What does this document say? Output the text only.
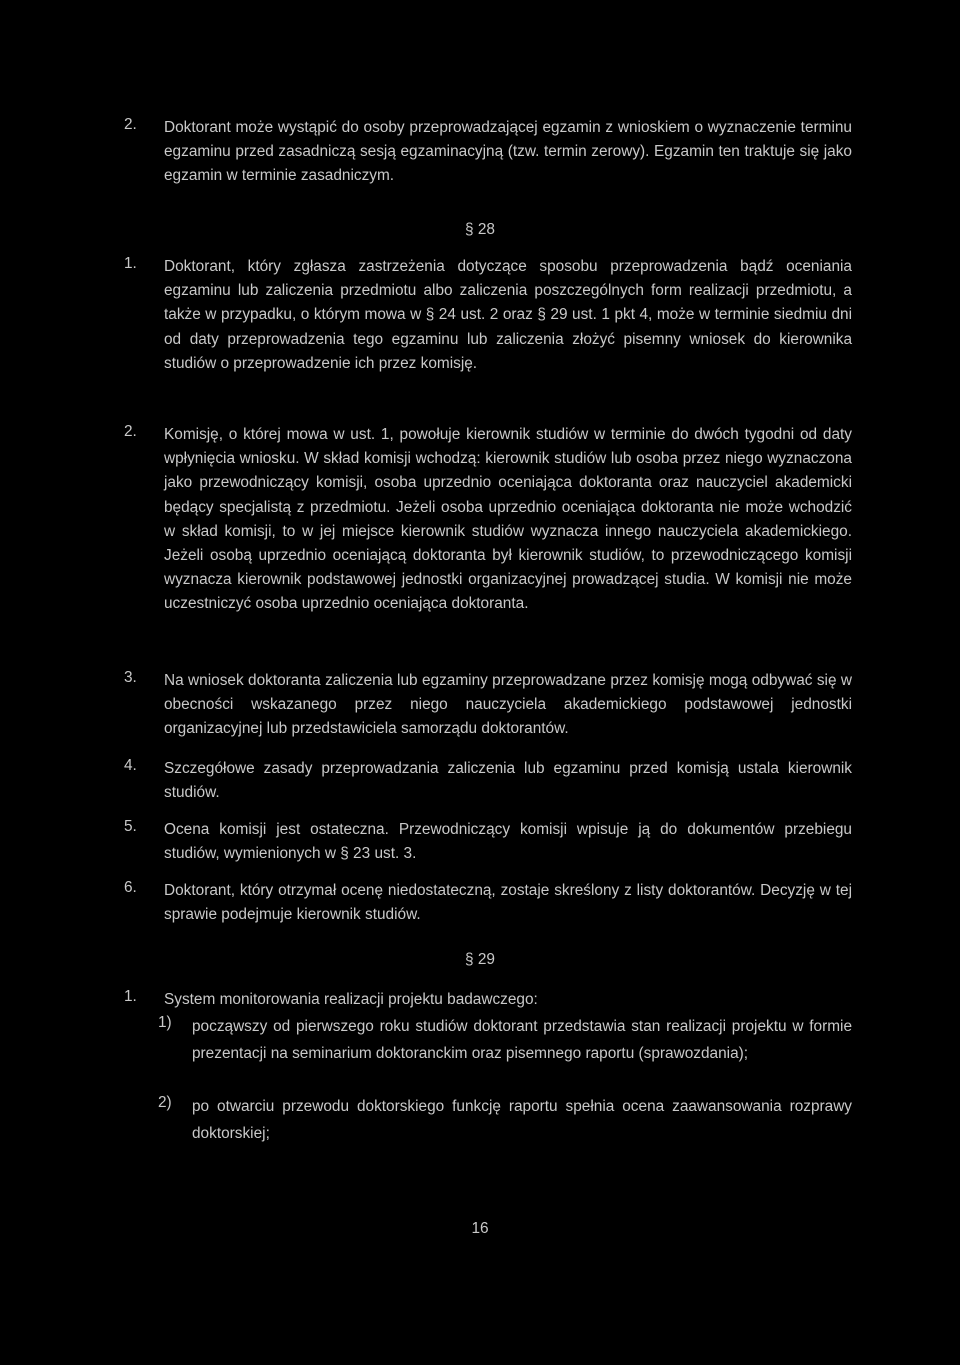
2.	Doktorant może wystąpić do osoby przeprowadzającej egzamin z wnioskiem o wyznaczenie terminu egzaminu przed zasadniczą sesją egzaminacyjną (tzw. termin zerowy). Egzamin ten traktuje się jako egzamin w terminie zasadniczym.
§ 28
1.	Doktorant, który zgłasza zastrzeżenia dotyczące sposobu przeprowadzenia bądź oceniania egzaminu lub zaliczenia przedmiotu albo zaliczenia poszczególnych form realizacji przedmiotu, a także w przypadku, o którym mowa w § 24 ust. 2 oraz § 29 ust. 1 pkt 4, może w terminie siedmiu dni od daty przeprowadzenia tego egzaminu lub zaliczenia złożyć pisemny wniosek do kierownika studiów o przeprowadzenie ich przez komisję.
2.	Komisję, o której mowa w ust. 1, powołuje kierownik studiów w terminie do dwóch tygodni od daty wpłynięcia wniosku. W skład komisji wchodzą: kierownik studiów lub osoba przez niego wyznaczona jako przewodniczący komisji, osoba uprzednio oceniająca doktoranta oraz nauczyciel akademicki będący specjalistą z przedmiotu. Jeżeli osoba uprzednio oceniająca doktoranta nie może wchodzić w skład komisji, to w jej miejsce kierownik studiów wyznacza innego nauczyciela akademickiego. Jeżeli osobą uprzednio oceniającą doktoranta był kierownik studiów, to przewodniczącego komisji wyznacza kierownik podstawowej jednostki organizacyjnej prowadzącej studia. W komisji nie może uczestniczyć osoba uprzednio oceniająca doktoranta.
3.	Na wniosek doktoranta zaliczenia lub egzaminy przeprowadzane przez komisję mogą odbywać się w obecności wskazanego przez niego nauczyciela akademickiego podstawowej jednostki organizacyjnej lub przedstawiciela samorządu doktorantów.
4.	Szczegółowe zasady przeprowadzania zaliczenia lub egzaminu przed komisją ustala kierownik studiów.
5.	Ocena komisji jest ostateczna. Przewodniczący komisji wpisuje ją do dokumentów przebiegu studiów, wymienionych w § 23 ust. 3.
6.	Doktorant, który otrzymał ocenę niedostateczną, zostaje skreślony z listy doktorantów. Decyzję w tej sprawie podejmuje kierownik studiów.
§ 29
1.	System monitorowania realizacji projektu badawczego:
1)	począwszy od pierwszego roku studiów doktorant przedstawia stan realizacji projektu w formie prezentacji na seminarium doktoranckim oraz pisemnego raportu (sprawozdania);
2)	po otwarciu przewodu doktorskiego funkcję raportu spełnia ocena zaawansowania rozprawy doktorskiej;
16
